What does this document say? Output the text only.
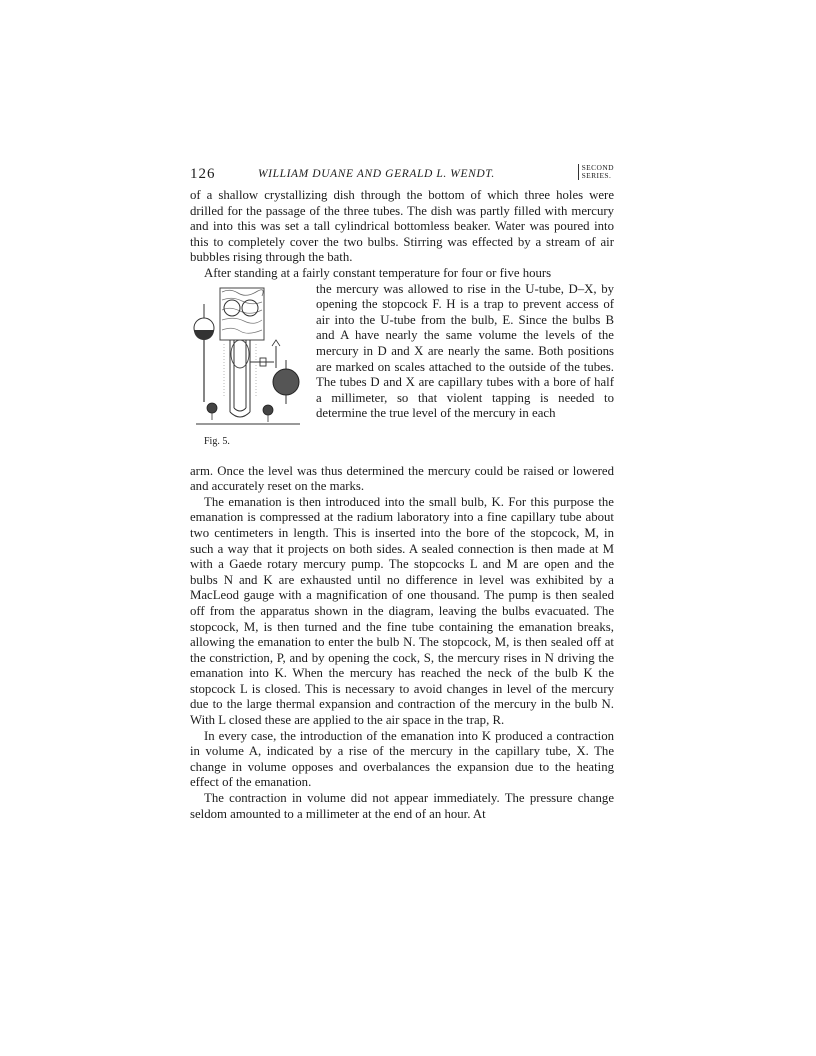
126	WILLIAM DUANE AND GERALD L. WENDT.
SECOND
SERIES.

of a shallow crystallizing dish through the bottom of which three holes were drilled for the passage of the three tubes. The dish was partly filled with mercury and into this was set a tall cylindrical bottomless beaker. Water was poured into this to completely cover the two bulbs. Stirring was effected by a stream of air bubbles rising through the bath.

After standing at a fairly constant temperature for four or five hours

Fig. 5.

the mercury was allowed to rise in the U-tube, D–X, by opening the stopcock F. H is a trap to prevent access of air into the U-tube from the bulb, E. Since the bulbs B and A have nearly the same volume the levels of the mercury in D and X are nearly the same. Both positions are marked on scales attached to the outside of the tubes. The tubes D and X are capillary tubes with a bore of half a millimeter, so that violent tapping is needed to determine the true level of the mercury in each

arm. Once the level was thus determined the mercury could be raised or lowered and accurately reset on the marks.

The emanation is then introduced into the small bulb, K. For this purpose the emanation is compressed at the radium laboratory into a fine capillary tube about two centimeters in length. This is inserted into the bore of the stopcock, M, in such a way that it projects on both sides. A sealed connection is then made at M with a Gaede rotary mercury pump. The stopcocks L and M are open and the bulbs N and K are exhausted until no difference in level was exhibited by a MacLeod gauge with a magnification of one thousand. The pump is then sealed off from the apparatus shown in the diagram, leaving the bulbs evacuated. The stopcock, M, is then turned and the fine tube containing the emanation breaks, allowing the emanation to enter the bulb N. The stopcock, M, is then sealed off at the constriction, P, and by opening the cock, S, the mercury rises in N driving the emanation into K. When the mercury has reached the neck of the bulb K the stopcock L is closed. This is necessary to avoid changes in level of the mercury due to the large thermal expansion and contraction of the mercury in the bulb N. With L closed these are applied to the air space in the trap, R.

In every case, the introduction of the emanation into K produced a contraction in volume A, indicated by a rise of the mercury in the capillary tube, X. The change in volume opposes and overbalances the expansion due to the heating effect of the emanation.

The contraction in volume did not appear immediately. The pressure change seldom amounted to a millimeter at the end of an hour. At
